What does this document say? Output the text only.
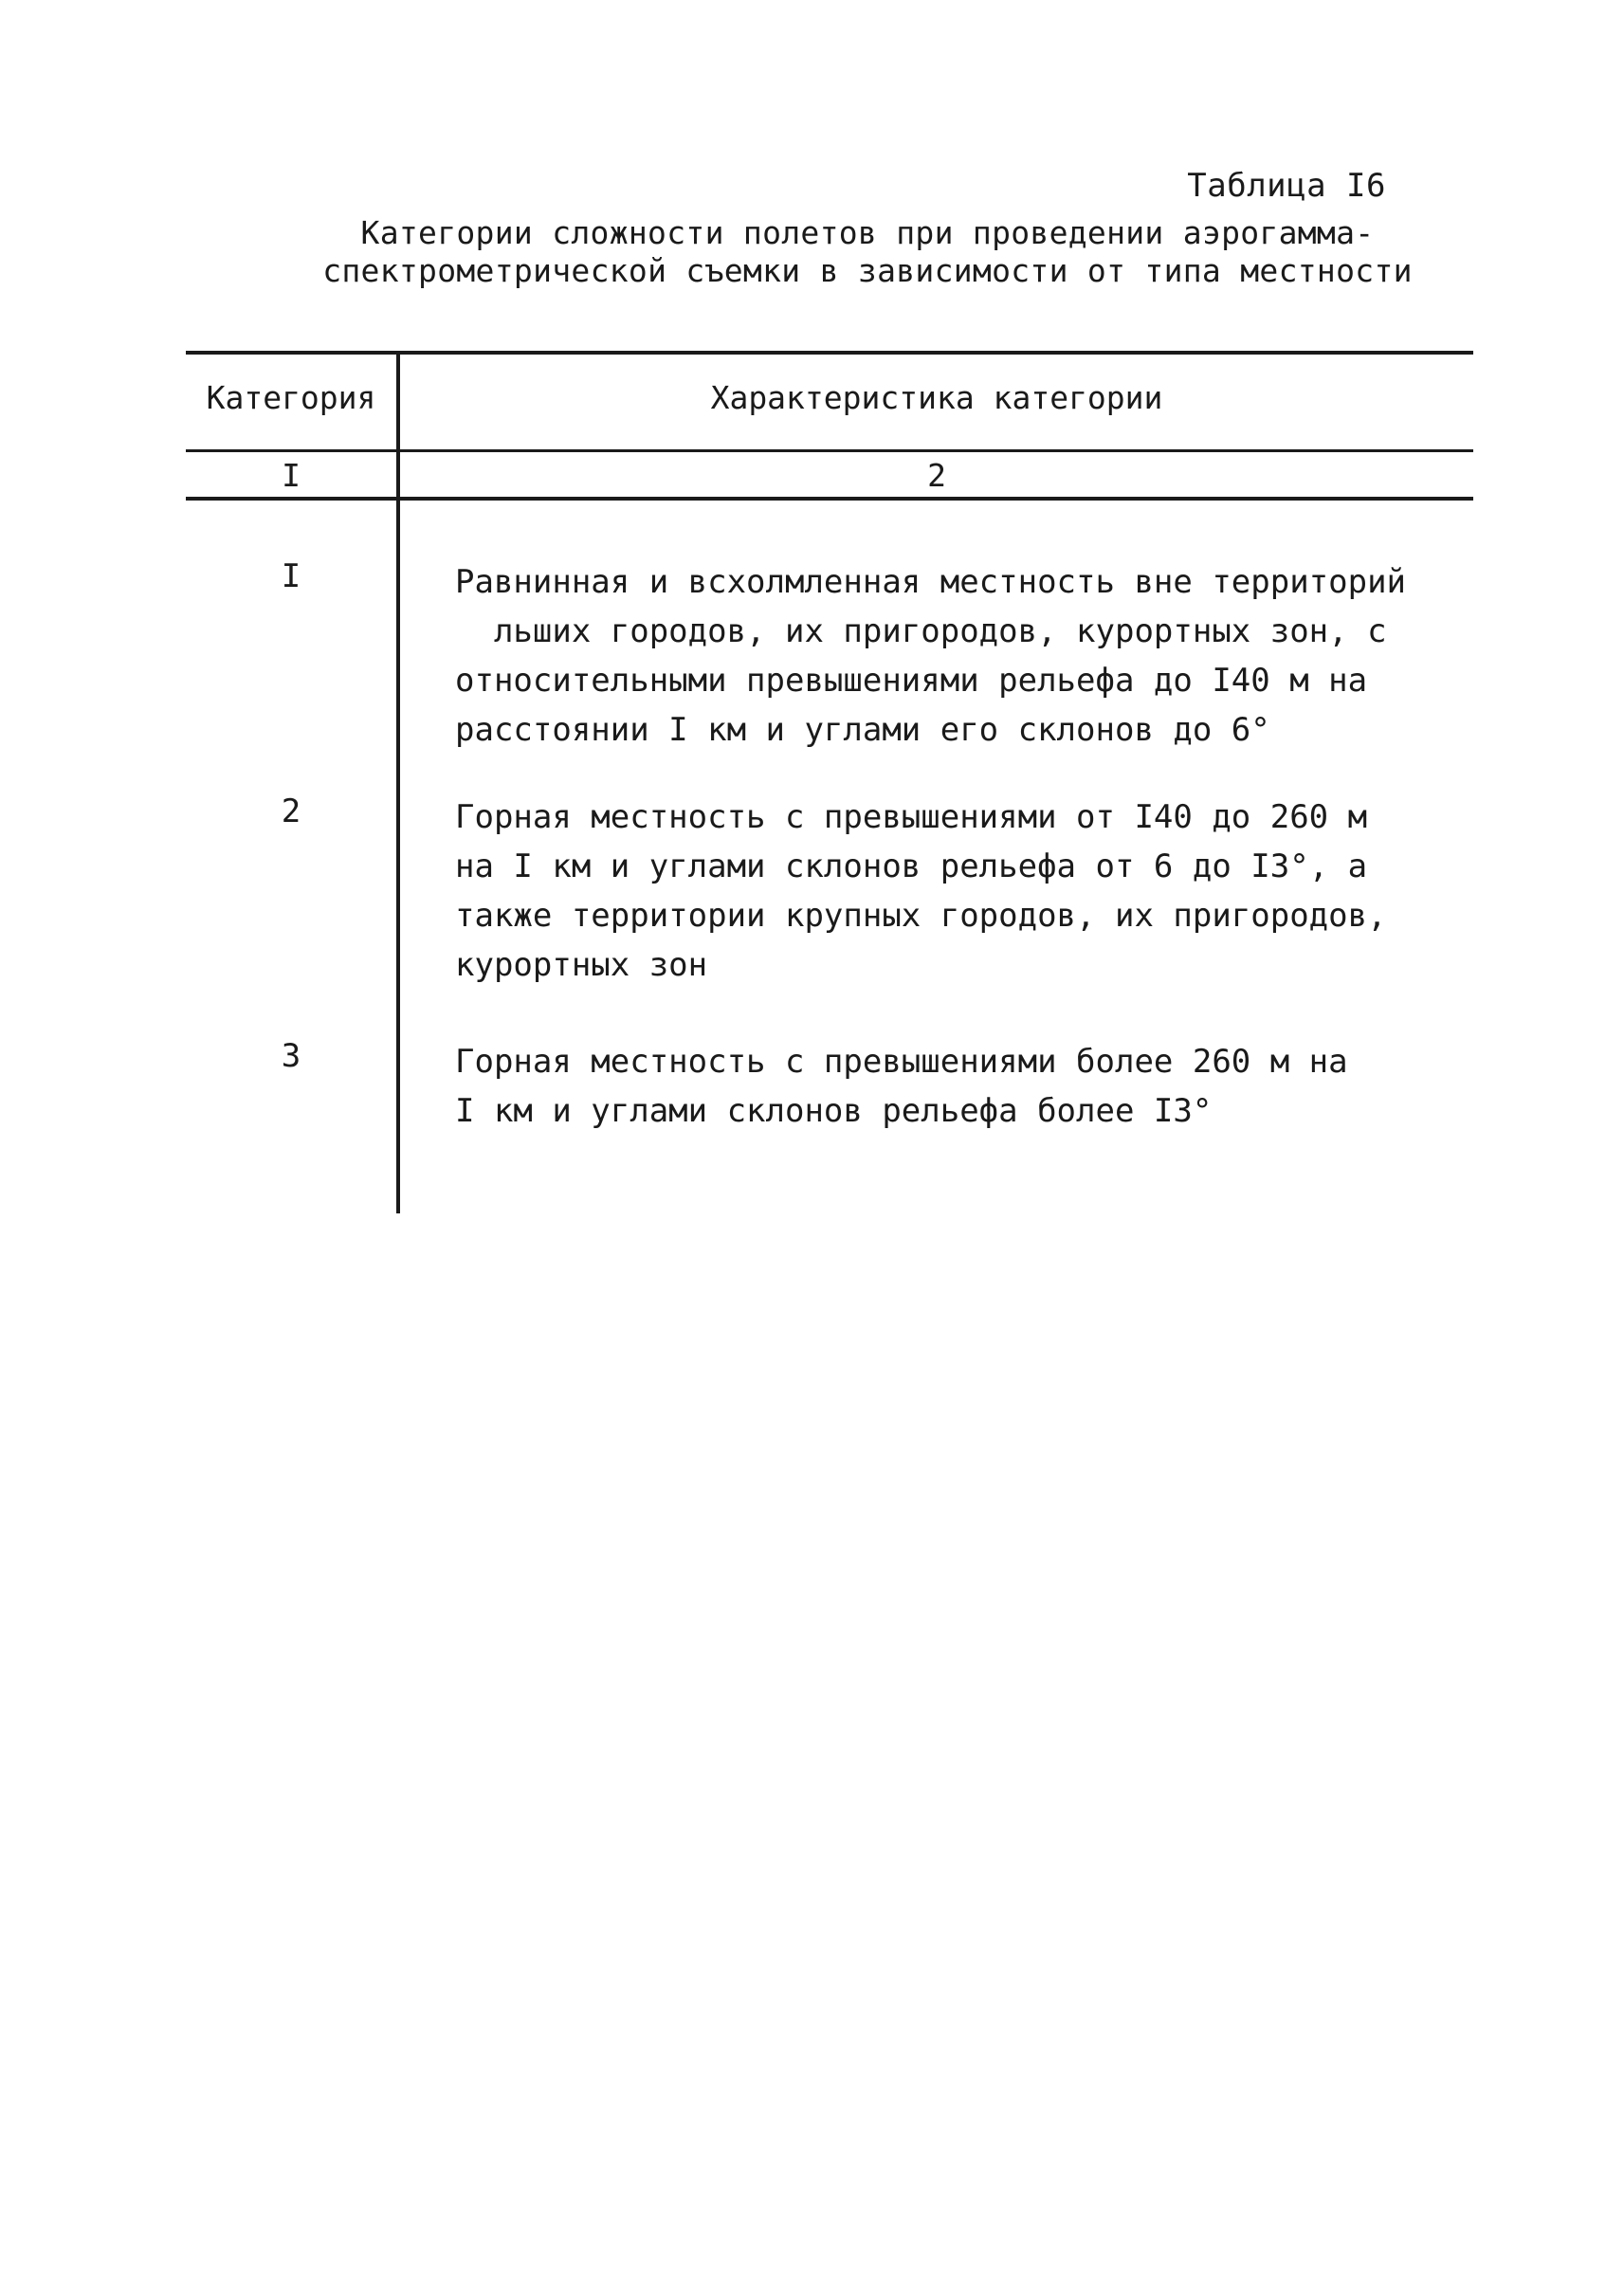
Таблица I6
Категории сложности полетов при проведении аэрогамма-
спектрометрической съемки в зависимости от типа местности
Категория	Характеристика категории
I	2
I	Равнинная и всхолмленная местность вне территорий
льших городов, их пригородов, курортных зон, с
относительными превышениями рельефа до I40 м на
расстоянии I км и углами его склонов до 6°
2	Горная местность с превышениями от I40 до 260 м
на I км и углами склонов рельефа от 6 до I3°, а
также территории крупных городов, их пригородов,
курортных зон
3	Горная местность с превышениями более 260 м на
I км и углами склонов рельефа более I3°
